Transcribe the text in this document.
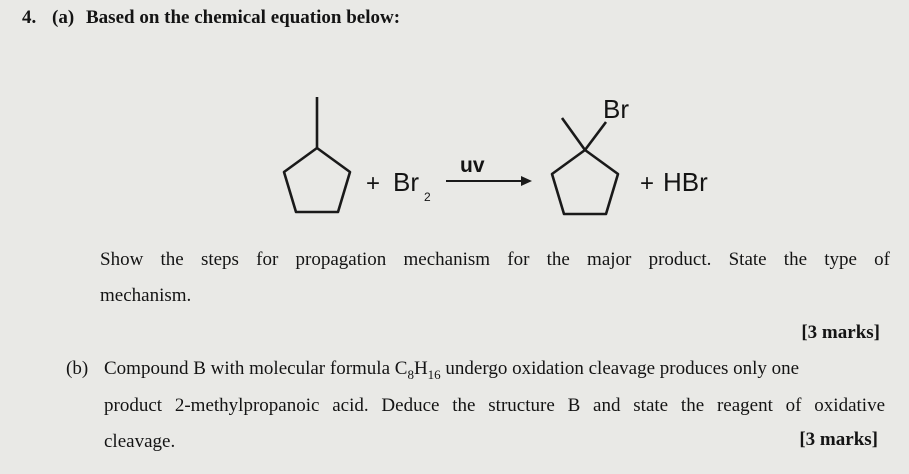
4. (a) Based on the chemical equation below:
+ Br 2
uv
Br
+ HBr
Show the steps for propagation mechanism for the major product. State the type of
mechanism.
[3 marks]
(b) Compound B with molecular formula $C_8H_{16}$ undergo oxidation cleavage produces only one
product 2-methylpropanoic acid. Deduce the structure B and state the reagent of oxidative
cleavage.	[3 marks]
